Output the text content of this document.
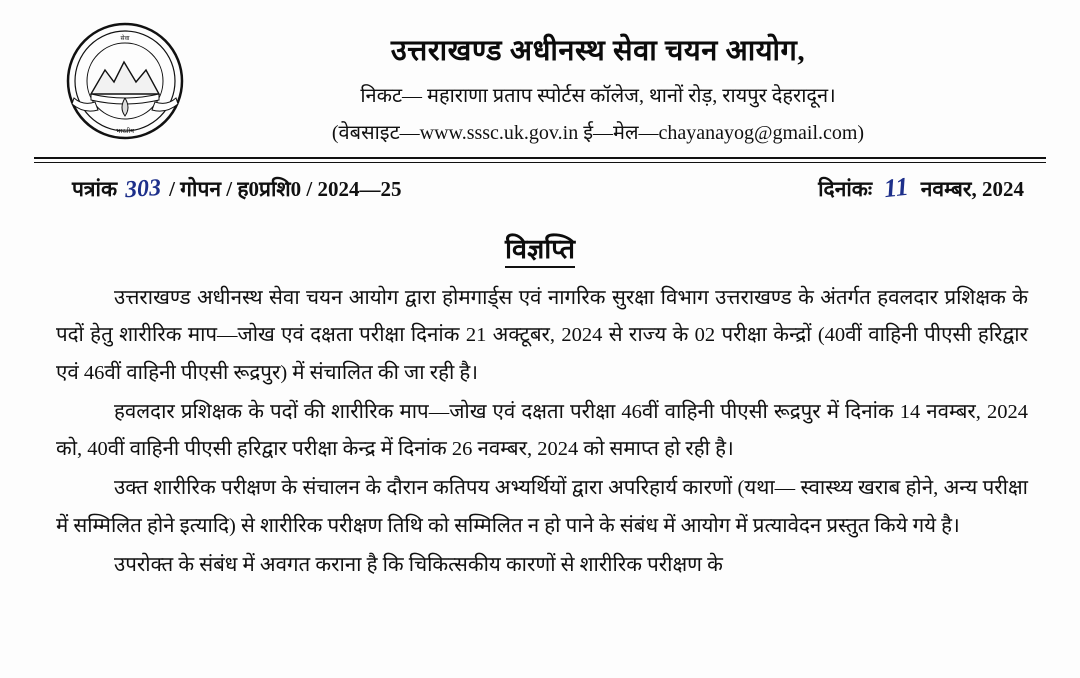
सेवा
भारतीय
उत्तराखण्ड अधीनस्थ सेवा चयन आयोग,
निकट— महाराणा प्रताप स्पोर्टस कॉलेज, थानों रोड़, रायपुर देहरादून।
(वेबसाइट—www.sssc.uk.gov.in ई—मेल—chayanayog@gmail.com)
पत्रांक 303 / गोपन / ह0प्रशि0 / 2024—25	दिनांकः 11 नवम्बर, 2024
विज्ञप्ति

उत्तराखण्ड अधीनस्थ सेवा चयन आयोग द्वारा होमगार्ड्स एवं नागरिक सुरक्षा विभाग उत्तराखण्ड के अंतर्गत हवलदार प्रशिक्षक के पदों हेतु शारीरिक माप—जोख एवं दक्षता परीक्षा दिनांक 21 अक्टूबर, 2024 से राज्य के 02 परीक्षा केन्द्रों (40वीं वाहिनी पीएसी हरिद्वार एवं 46वीं वाहिनी पीएसी रूद्रपुर) में संचालित की जा रही है।

हवलदार प्रशिक्षक के पदों की शारीरिक माप—जोख एवं दक्षता परीक्षा 46वीं वाहिनी पीएसी रूद्रपुर में दिनांक 14 नवम्बर, 2024 को, 40वीं वाहिनी पीएसी हरिद्वार परीक्षा केन्द्र में दिनांक 26 नवम्बर, 2024 को समाप्त हो रही है।

उक्त शारीरिक परीक्षण के संचालन के दौरान कतिपय अभ्यर्थियों द्वारा अपरिहार्य कारणों (यथा— स्वास्थ्य खराब होने, अन्य परीक्षा में सम्मिलित होने इत्यादि) से शारीरिक परीक्षण तिथि को सम्मिलित न हो पाने के संबंध में आयोग में प्रत्यावेदन प्रस्तुत किये गये है।

उपरोक्त के संबंध में अवगत कराना है कि चिकित्सकीय कारणों से शारीरिक परीक्षण के
